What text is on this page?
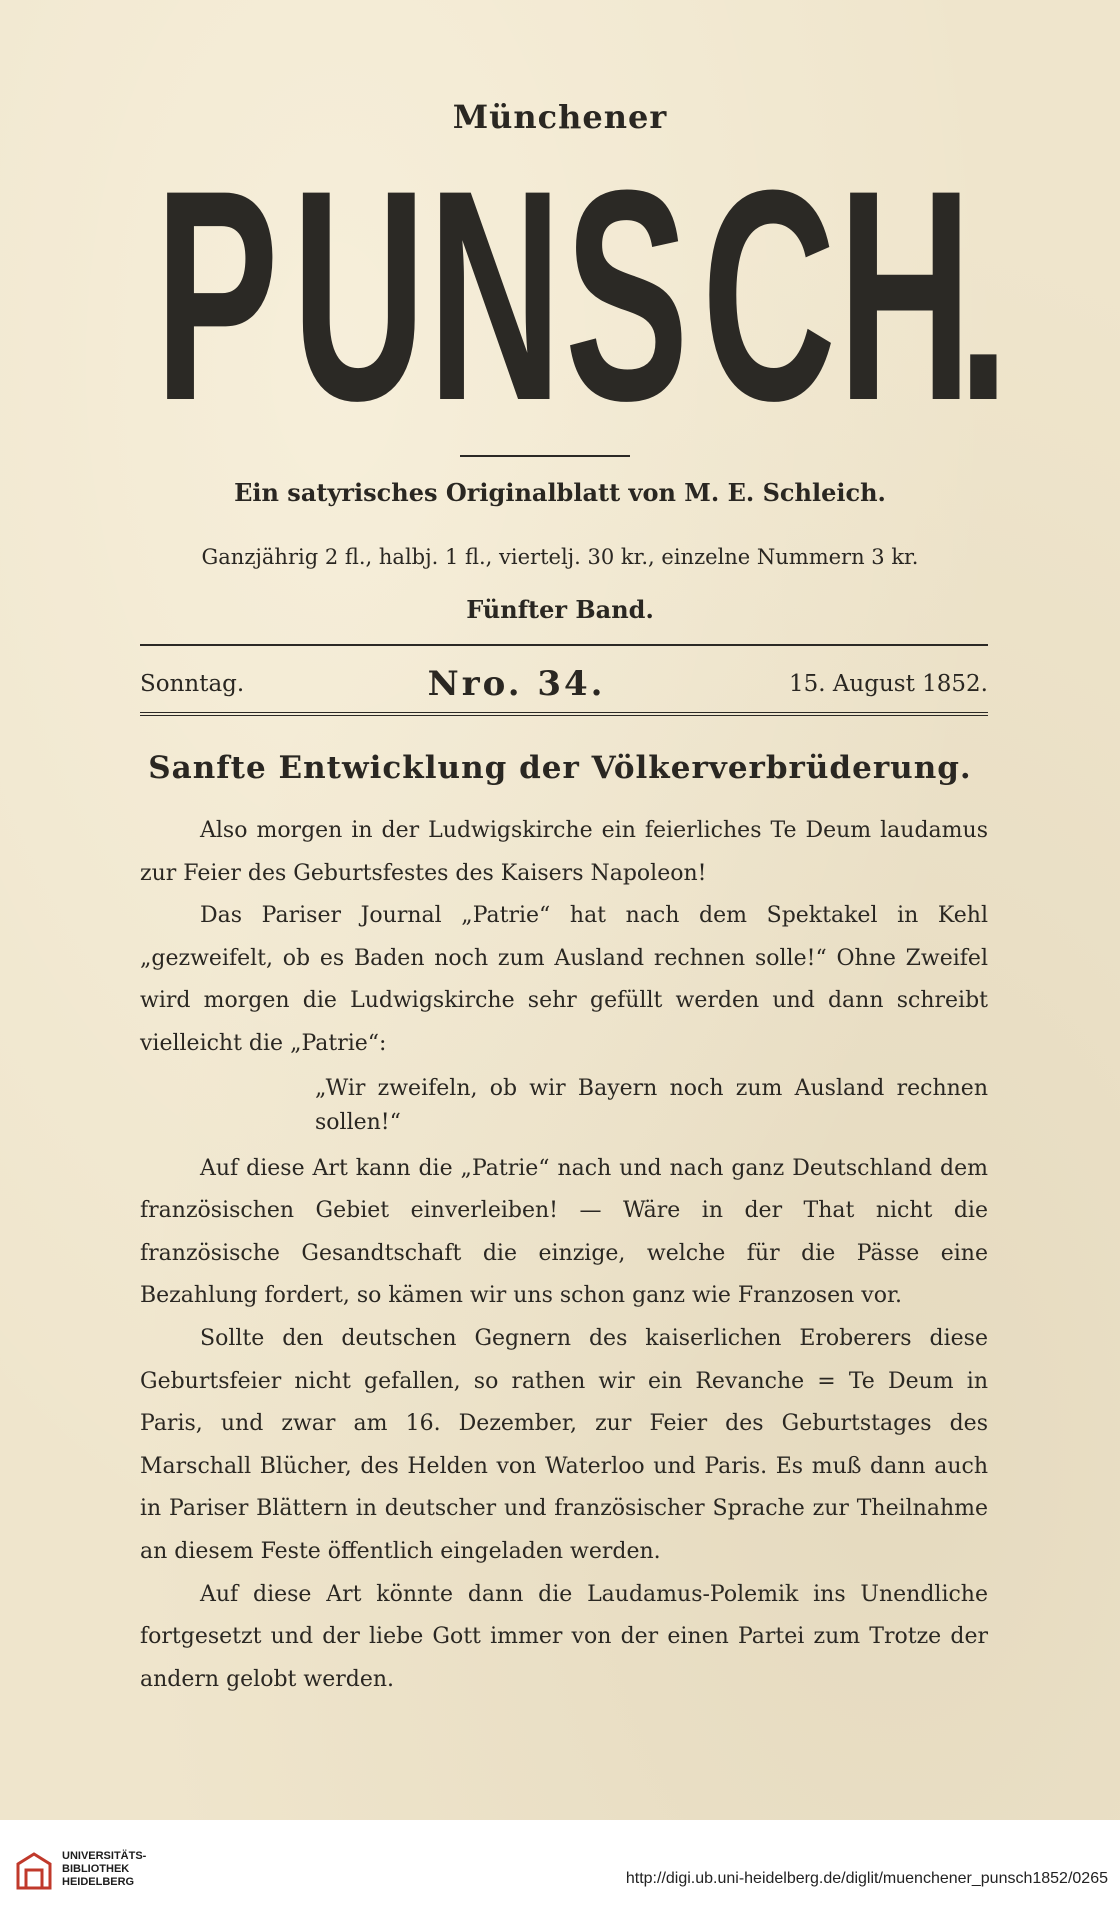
Münchener
P U N S C H
.
Ein satyrisches Originalblatt von M. E. Schleich.
Ganzjährig 2 fl., halbj. 1 fl., viertelj. 30 kr., einzelne Nummern 3 kr.
Fünfter Band.
Sonntag.	Nro. 34.	15. August 1852.
Sanfte Entwicklung der Völkerverbrüderung.

Also morgen in der Ludwigskirche ein feierliches Te Deum laudamus zur Feier des Geburtsfestes des Kaisers Napoleon!

Das Pariser Journal „Patrie“ hat nach dem Spektakel in Kehl „gezweifelt, ob es Baden noch zum Ausland rechnen solle!“ Ohne Zweifel wird morgen die Ludwigskirche sehr gefüllt werden und dann schreibt vielleicht die „Patrie“:

„Wir zweifeln, ob wir Bayern noch zum Ausland rechnen sollen!“

Auf diese Art kann die „Patrie“ nach und nach ganz Deutschland dem französischen Gebiet einverleiben! — Wäre in der That nicht die französische Gesandtschaft die einzige, welche für die Pässe eine Bezahlung fordert, so kämen wir uns schon ganz wie Franzosen vor.

Sollte den deutschen Gegnern des kaiserlichen Eroberers diese Geburtsfeier nicht gefallen, so rathen wir ein Revanche = Te Deum in Paris, und zwar am 16. Dezember, zur Feier des Geburtstages des Marschall Blücher, des Helden von Waterloo und Paris. Es muß dann auch in Pariser Blättern in deutscher und französischer Sprache zur Theilnahme an diesem Feste öffentlich eingeladen werden.

Auf diese Art könnte dann die Laudamus-Polemik ins Unendliche fortgesetzt und der liebe Gott immer von der einen Partei zum Trotze der andern gelobt werden.

UNIVERSITÄTS-
BIBLIOTHEK
HEIDELBERG	http://digi.ub.uni-heidelberg.de/diglit/muenchener_punsch1852/0265
